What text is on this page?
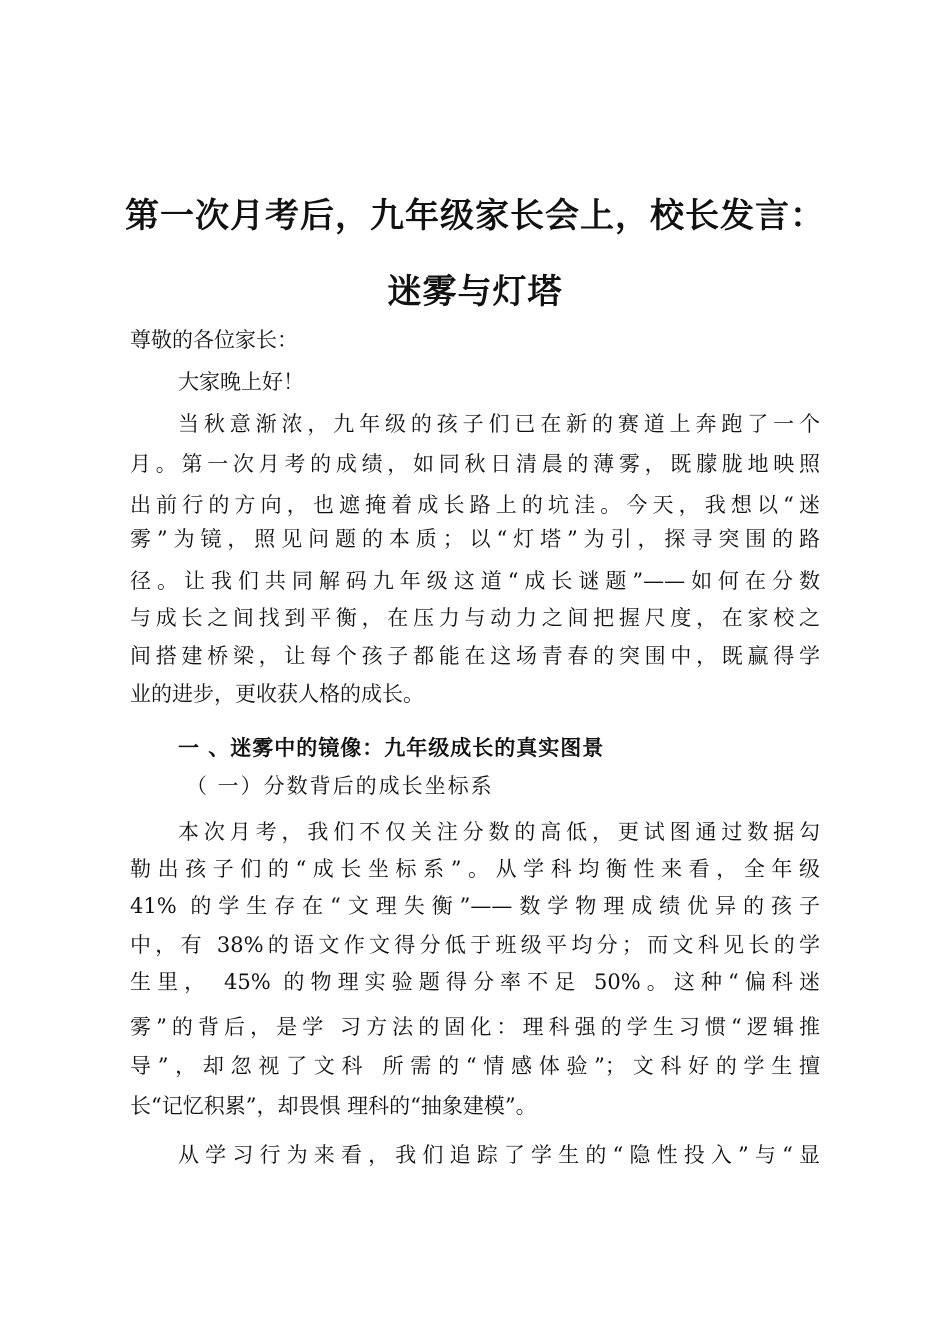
第一次月考后，九年级家长会上，校长发言：
迷雾与灯塔
尊敬的各位家长：
大家晚上好！
当秋意渐浓，九年级的孩子们已在新的赛道上奔跑了一个
月。第一次月考的成绩，如同秋日清晨的薄雾，既朦胧地映照
出前行的方向，也遮掩着成长路上的坑洼。今天，我想以“迷
雾”为镜，照见问题的本质；以“灯塔”为引，探寻突围的路
径。让我们共同解码九年级这道“成长谜题”——如何在分数
与成长之间找到平衡，在压力与动力之间把握尺度，在家校之
间搭建桥梁，让每个孩子都能在这场青春的突围中，既赢得学
业的进步，更收获人格的成长。
一 、迷雾中的镜像：九年级成长的真实图景
（ 一）分数背后的成长坐标系
本次月考，我们不仅关注分数的高低，更试图通过数据勾
勒出孩子们的“成长坐标系”。从学科均衡性来看，全年级
41% 的学生存在“文理失衡”——数学物理成绩优异的孩子
中，有 38%的语文作文得分低于班级平均分；而文科见长的学
生里， 45% 的物理实验题得分率不足 50%。这种“偏科迷
雾”的背后，是学 习方法的固化：理科强的学生习惯“逻辑推
导”，却忽视了文科 所需的“情感体验”；文科好的学生擅
长“记忆积累”，却畏惧 理科的“抽象建模”。
从学习行为来看，我们追踪了学生的“隐性投入”与“显
